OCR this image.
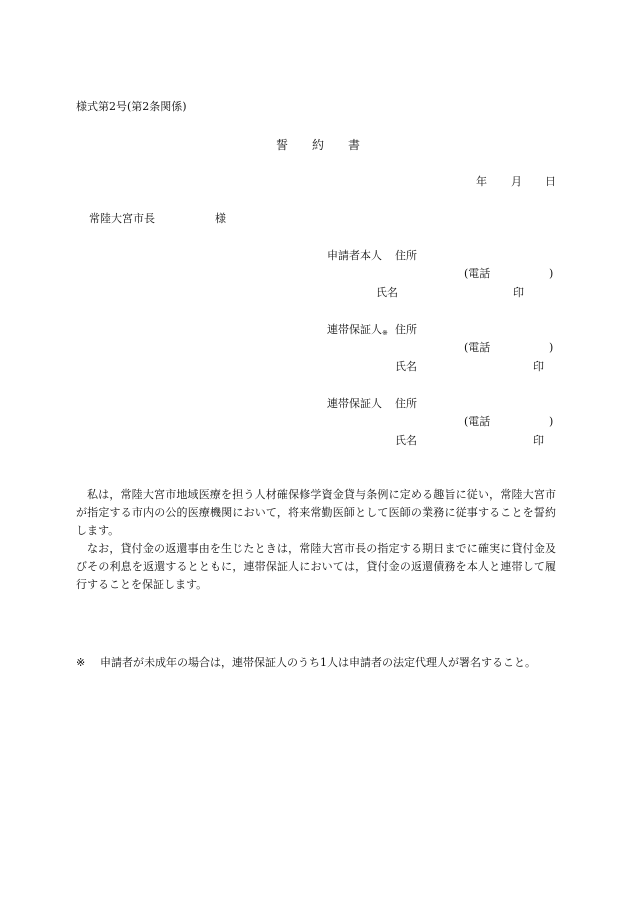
様式第2号(第2条関係)
誓　　約　　書
年 月 日
常陸大宮市長	様
申請者本人 住所
(電話	)
氏名	印
連帯保証人$_※$ 住所
(電話	)
氏名	印
連帯保証人 住所
(電話	)
氏名	印

私は，常陸大宮市地域医療を担う人材確保修学資金貸与条例に定める趣旨に従い，常陸大宮市が指定する市内の公的医療機関において，将来常勤医師として医師の業務に従事することを誓約します。

なお，貸付金の返還事由を生じたときは，常陸大宮市長の指定する期日までに確実に貸付金及びその利息を返還するとともに，連帯保証人においては，貸付金の返還債務を本人と連帯して履行することを保証します。

※ 申請者が未成年の場合は，連帯保証人のうち1人は申請者の法定代理人が署名すること。
